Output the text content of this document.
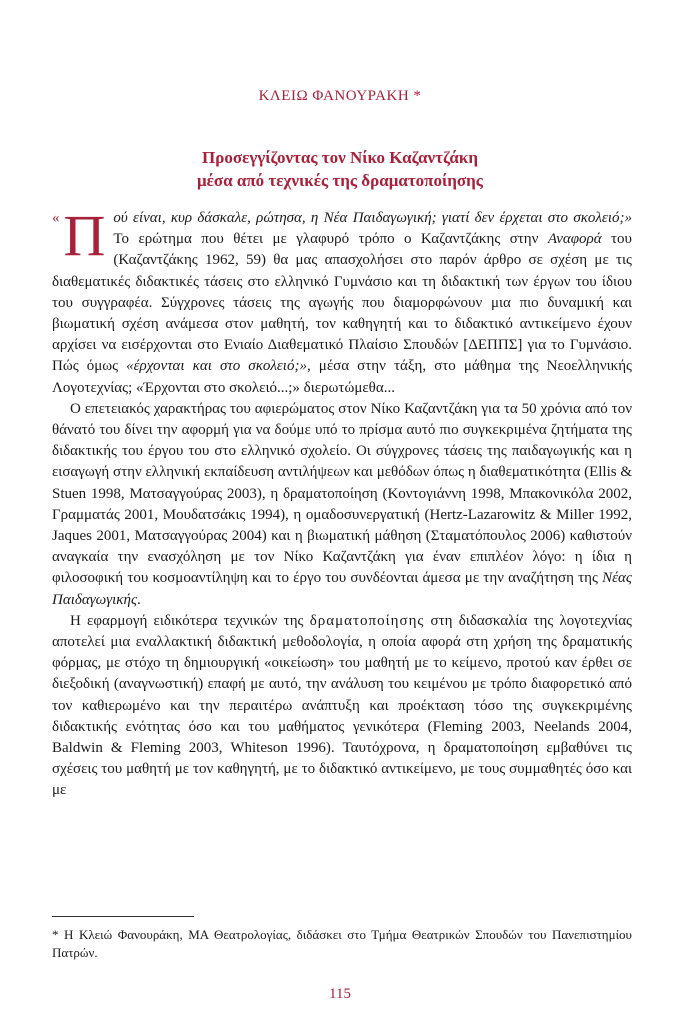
ΚΛΕΙΩ ΦΑΝΟΥΡΑΚΗ *
Προσεγγίζοντας τον Νίκο Καζαντζάκη
μέσα από τεχνικές της δραματοποίησης

« Π ού είναι, κυρ δάσκαλε, ρώτησα, η Νέα Παιδαγωγική; γιατί δεν έρχεται στο σκολειό;» Το ερώτημα που θέτει με γλαφυρό τρόπο ο Καζαντζάκης στην Αναφορά του (Καζαντζάκης 1962, 59) θα μας απασχολήσει στο παρόν άρθρο σε σχέση με τις διαθεματικές διδακτικές τάσεις στο ελληνικό Γυμνάσιο και τη διδακτική των έργων του ίδιου του συγγραφέα. Σύγχρονες τάσεις της αγωγής που διαμορφώνουν μια πιο δυναμική και βιωματική σχέση ανάμεσα στον μαθητή, τον καθηγητή και το διδακτικό αντικείμενο έχουν αρχίσει να εισέρχονται στο Ενιαίο Διαθεματικό Πλαίσιο Σπουδών [ΔΕΠΠΣ] για το Γυμνάσιο. Πώς όμως «έρχονται και στο σκολειό;», μέσα στην τάξη, στο μάθημα της Νεοελληνικής Λογοτεχνίας; «Έρχονται στο σκολειό...;» διερωτώμεθα...

Ο επετειακός χαρακτήρας του αφιερώματος στον Νίκο Καζαντζάκη για τα 50 χρόνια από τον θάνατό του δίνει την αφορμή για να δούμε υπό το πρίσμα αυτό πιο συγκεκριμένα ζητήματα της διδακτικής του έργου του στο ελληνικό σχολείο. Οι σύγχρονες τάσεις της παιδαγωγικής και η εισαγωγή στην ελληνική εκπαίδευση αντιλήψεων και μεθόδων όπως η διαθεματικότητα (Ellis & Stuen 1998, Ματσαγγούρας 2003), η δραματοποίηση (Κοντογιάννη 1998, Μπακονικόλα 2002, Γραμματάς 2001, Μουδατσάκις 1994), η ομαδοσυνεργατική (Hertz-Lazarowitz & Miller 1992, Jaques 2001, Ματσαγγούρας 2004) και η βιωματική μάθηση (Σταματόπουλος 2006) καθιστούν αναγκαία την ενασχόληση με τον Νίκο Καζαντζάκη για έναν επιπλέον λόγο: η ίδια η φιλοσοφική του κοσμοαντίληψη και το έργο του συνδέονται άμεσα με την αναζήτηση της Νέας Παιδαγωγικής.

Η εφαρμογή ειδικότερα τεχνικών της δραματοποίησης στη διδασκαλία της λογοτεχνίας αποτελεί μια εναλλακτική διδακτική μεθοδολογία, η οποία αφορά στη χρήση της δραματικής φόρμας, με στόχο τη δημιουργική «οικείωση» του μαθητή με το κείμενο, προτού καν έρθει σε διεξοδική (αναγνωστική) επαφή με αυτό, την ανάλυση του κειμένου με τρόπο διαφορετικό από τον καθιερωμένο και την περαιτέρω ανάπτυξη και προέκταση τόσο της συγκεκριμένης διδακτικής ενότητας όσο και του μαθήματος γενικότερα (Fleming 2003, Neelands 2004, Baldwin & Fleming 2003, Whiteson 1996). Ταυτόχρονα, η δραματοποίηση εμβαθύνει τις σχέσεις του μαθητή με τον καθηγητή, με το διδακτικό αντικείμενο, με τους συμμαθητές όσο και με

* Η Κλειώ Φανουράκη, ΜΑ Θεατρολογίας, διδάσκει στο Τμήμα Θεατρικών Σπουδών του Πανεπιστημίου Πατρών.
115
